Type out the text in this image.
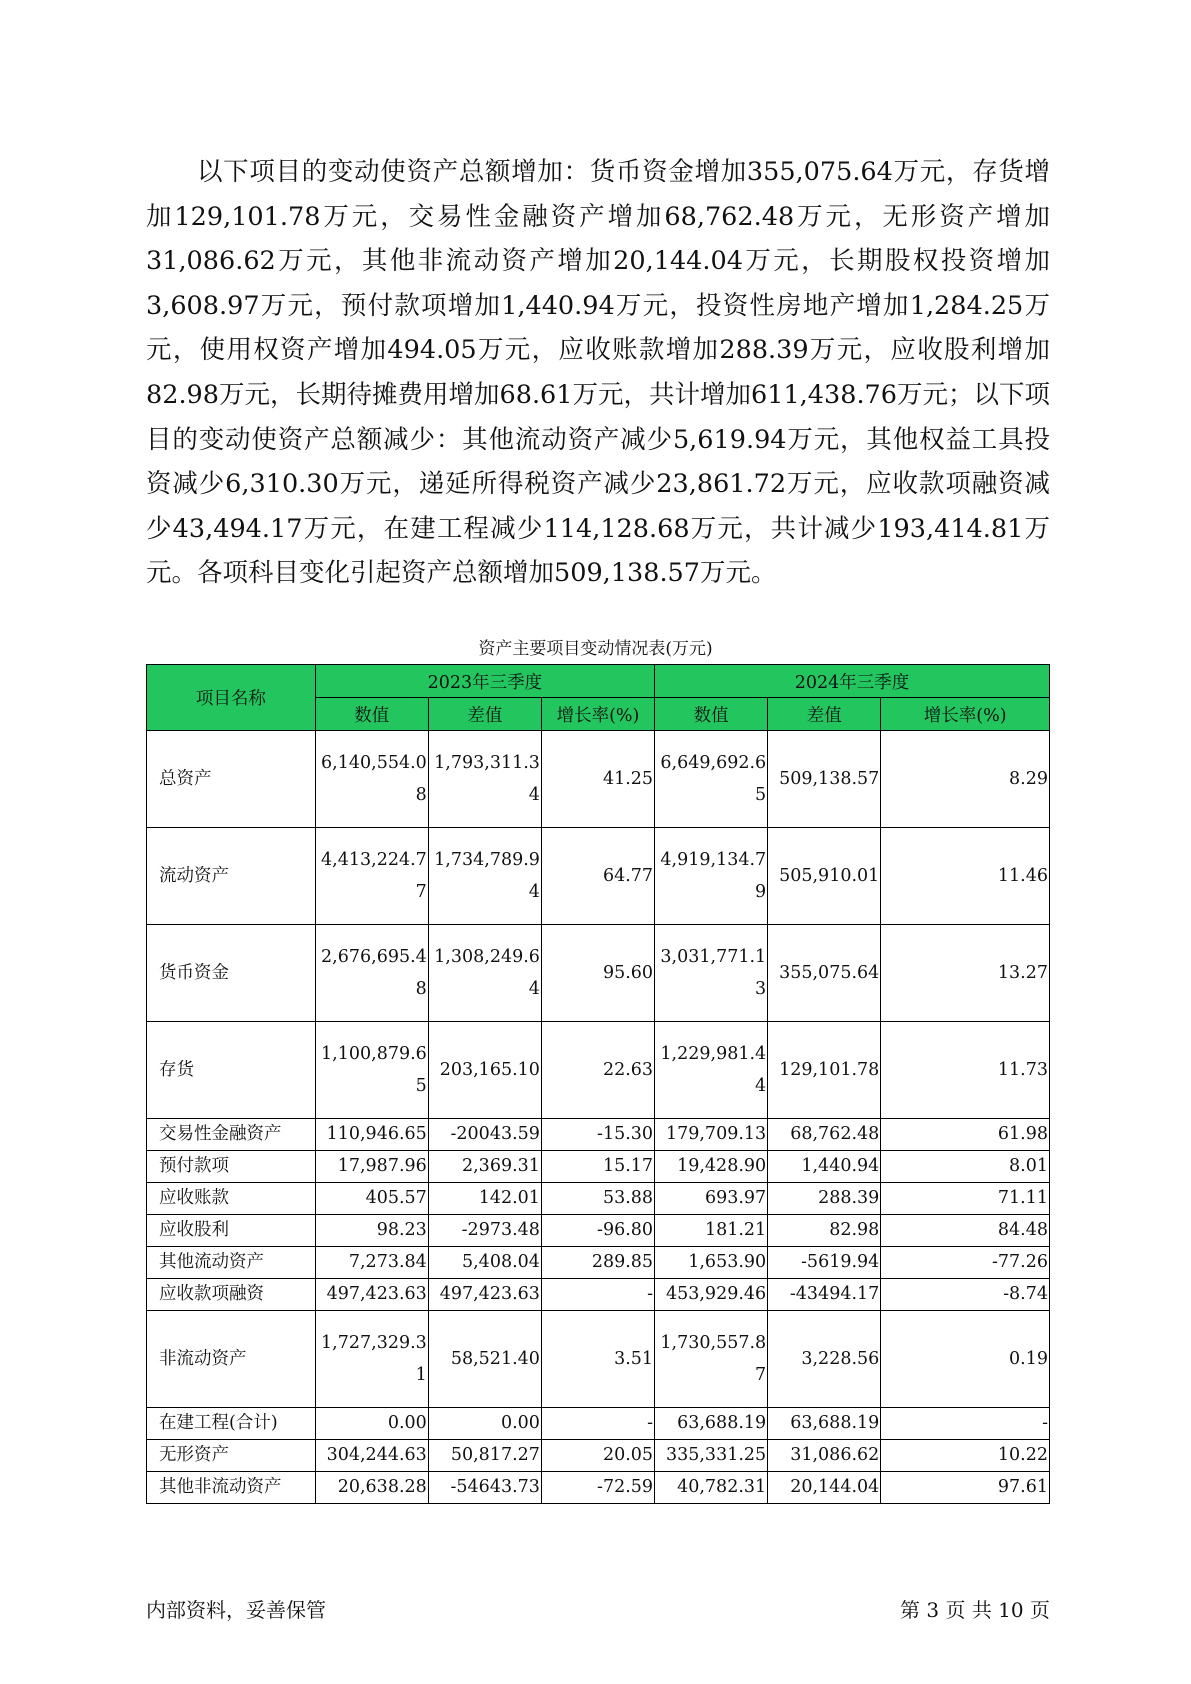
以下项目的变动使资产总额增加：货币资金增加355,075.64万元，存货增加129,101.78万元，交易性金融资产增加68,762.48万元，无形资产增加31,086.62万元，其他非流动资产增加20,144.04万元，长期股权投资增加3,608.97万元，预付款项增加1,440.94万元，投资性房地产增加1,284.25万元，使用权资产增加494.05万元，应收账款增加288.39万元，应收股利增加82.98万元，长期待摊费用增加68.61万元，共计增加611,438.76万元；以下项目的变动使资产总额减少：其他流动资产减少5,619.94万元，其他权益工具投资减少6,310.30万元，递延所得税资产减少23,861.72万元，应收款项融资减少43,494.17万元，在建工程减少114,128.68万元，共计减少193,414.81万元。各项科目变化引起资产总额增加509,138.57万元。

资产主要项目变动情况表(万元)
项目名称	2023年三季度			2024年三季度		
	数值	差值	增长率(%)	数值	差值	增长率(%)
总资产	6,140,554.08	1,793,311.34	41.25	6,649,692.65	509,138.57	8.29
流动资产	4,413,224.77	1,734,789.94	64.77	4,919,134.79	505,910.01	11.46
货币资金	2,676,695.48	1,308,249.64	95.60	3,031,771.13	355,075.64	13.27
存货	1,100,879.65	203,165.10	22.63	1,229,981.44	129,101.78	11.73
交易性金融资产	110,946.65	-20043.59	-15.30	179,709.13	68,762.48	61.98
预付款项	17,987.96	2,369.31	15.17	19,428.90	1,440.94	8.01
应收账款	405.57	142.01	53.88	693.97	288.39	71.11
应收股利	98.23	-2973.48	-96.80	181.21	82.98	84.48
其他流动资产	7,273.84	5,408.04	289.85	1,653.90	-5619.94	-77.26
应收款项融资	497,423.63	497,423.63	-	453,929.46	-43494.17	-8.74
非流动资产	1,727,329.31	58,521.40	3.51	1,730,557.87	3,228.56	0.19
在建工程(合计)	0.00	0.00	-	63,688.19	63,688.19	-
无形资产	304,244.63	50,817.27	20.05	335,331.25	31,086.62	10.22
其他非流动资产	20,638.28	-54643.73	-72.59	40,782.31	20,144.04	97.61
内部资料，妥善保管	第 3 页 共 10 页
